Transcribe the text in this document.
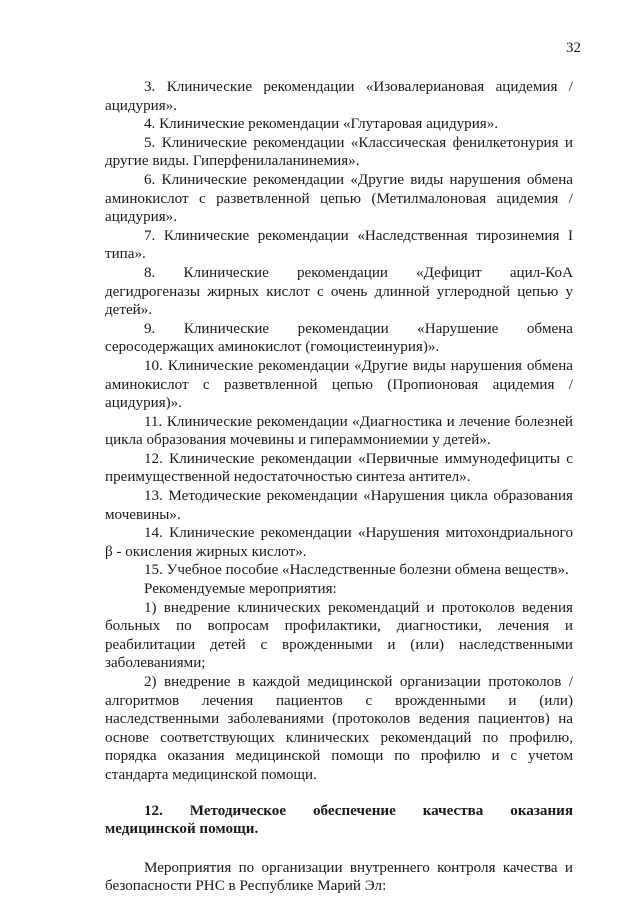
32

3. Клинические рекомендации «Изовалериановая ацидемия / ацидурия».

4. Клинические рекомендации «Глутаровая ацидурия».

5. Клинические рекомендации «Классическая фенилкетонурия и другие виды. Гиперфенилаланинемия».

6. Клинические рекомендации «Другие виды нарушения обмена аминокислот с разветвленной цепью (Метилмалоновая ацидемия / ацидурия».

7. Клинические рекомендации «Наследственная тирозинемия I типа».

8. Клинические рекомендации «Дефицит ацил-КоА дегидрогеназы жирных кислот с очень длинной углеродной цепью у детей».

9. Клинические рекомендации «Нарушение обмена серосодержащих аминокислот (гомоцистеинурия)».

10. Клинические рекомендации «Другие виды нарушения обмена аминокислот с разветвленной цепью (Пропионовая ацидемия / ацидурия)».

11. Клинические рекомендации «Диагностика и лечение болезней цикла образования мочевины и гипераммониемии у детей».

12. Клинические рекомендации «Первичные иммунодефициты с преимущественной недостаточностью синтеза антител».

13. Методические рекомендации «Нарушения цикла образования мочевины».

14. Клинические рекомендации «Нарушения митохондриального β - окисления жирных кислот».

15. Учебное пособие «Наследственные болезни обмена веществ».

Рекомендуемые мероприятия:

1) внедрение клинических рекомендаций и протоколов ведения больных по вопросам профилактики, диагностики, лечения и реабилитации детей с врожденными и (или) наследственными заболеваниями;

2) внедрение в каждой медицинской организации протоколов / алгоритмов лечения пациентов с врожденными и (или) наследственными заболеваниями (протоколов ведения пациентов) на основе соответствующих клинических рекомендаций по профилю, порядка оказания медицинской помощи по профилю и с учетом стандарта медицинской помощи.

12. Методическое обеспечение качества оказания медицинской помощи.

Мероприятия по организации внутреннего контроля качества и безопасности РНС в Республике Марий Эл:
